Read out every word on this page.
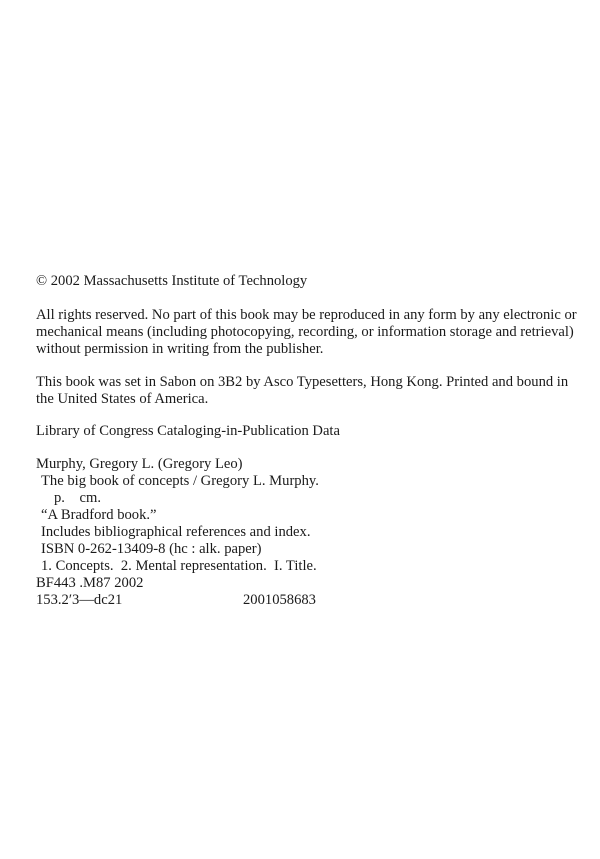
© 2002 Massachusetts Institute of Technology
All rights reserved. No part of this book may be reproduced in any form by any electronic or
mechanical means (including photocopying, recording, or information storage and retrieval)
without permission in writing from the publisher.
This book was set in Sabon on 3B2 by Asco Typesetters, Hong Kong. Printed and bound in
the United States of America.
Library of Congress Cataloging-in-Publication Data
Murphy, Gregory L. (Gregory Leo)
The big book of concepts / Gregory L. Murphy.
p.    cm.
“A Bradford book.”
Includes bibliographical references and index.
ISBN 0-262-13409-8 (hc : alk. paper)
1. Concepts.  2. Mental representation.  I. Title.
BF443 .M87 2002
153.2′3—dc21	2001058683
